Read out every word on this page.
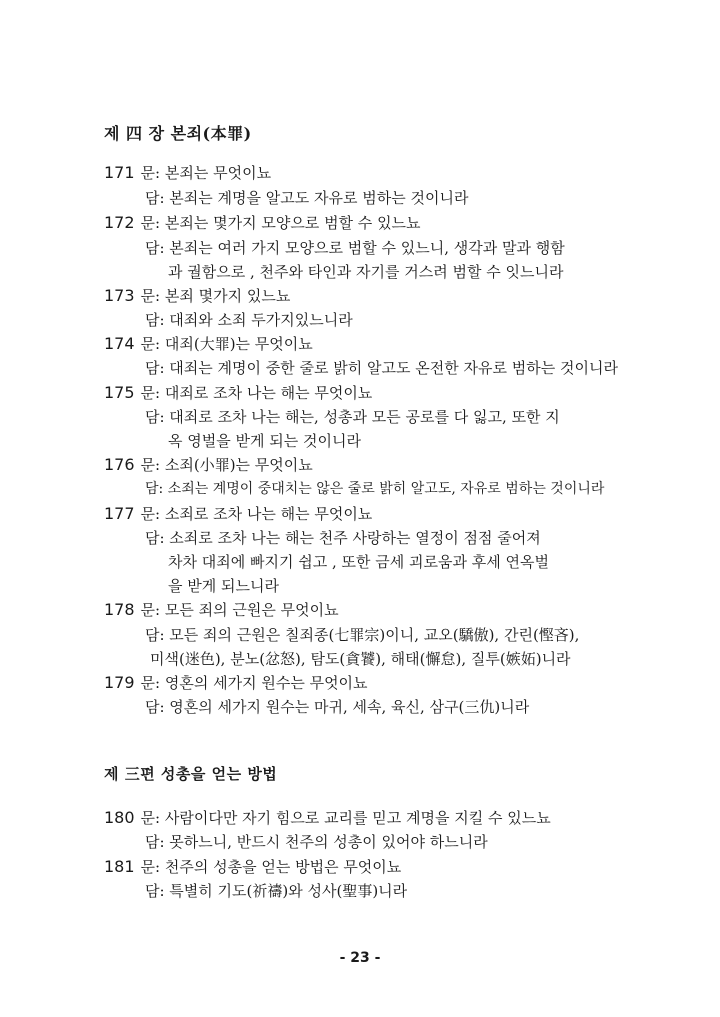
제 四 장 본죄(本罪)
171 문: 본죄는 무엇이뇨
담: 본죄는 계명을 알고도 자유로 범하는 것이니라
172 문: 본죄는 몇가지 모양으로 범할 수 있느뇨
담: 본죄는 여러 가지 모양으로 범할 수 있느니, 생각과 말과 행함
과 궐함으로 , 천주와 타인과 자기를 거스려 범할 수 잇느니라
173 문: 본죄 몇가지 있느뇨
담: 대죄와 소죄 두가지있느니라
174 문: 대죄(大罪)는 무엇이뇨
담: 대죄는 계명이 중한 줄로 밝히 알고도 온전한 자유로 범하는 것이니라
175 문: 대죄로 조차 나는 해는 무엇이뇨
담: 대죄로 조차 나는 해는, 성총과 모든 공로를 다 잃고, 또한 지
옥 영벌을 받게 되는 것이니라
176 문: 소죄(小罪)는 무엇이뇨
담: 소죄는 계명이 중대치는 않은 줄로 밝히 알고도, 자유로 범하는 것이니라
177 문: 소죄로 조차 나는 해는 무엇이뇨
담: 소죄로 조차 나는 해는 천주 사랑하는 열정이 점점 줄어져
차차 대죄에 빠지기 쉽고 , 또한 금세 괴로움과 후세 연옥벌
을 받게 되느니라
178 문: 모든 죄의 근원은 무엇이뇨
담: 모든 죄의 근원은 칠죄종(七罪宗)이니, 교오(驕傲), 간린(慳吝),
미색(迷色), 분노(忿怒), 탐도(貪饕), 해태(懈怠), 질투(嫉妬)니라
179 문: 영혼의 세가지 원수는 무엇이뇨
담: 영혼의 세가지 원수는 마귀, 세속, 육신, 삼구(三仇)니라
제 三편 성총을 얻는 방법
180 문: 사람이다만 자기 힘으로 교리를 믿고 계명을 지킬 수 있느뇨
담: 못하느니, 반드시 천주의 성총이 있어야 하느니라
181 문: 천주의 성총을 얻는 방법은 무엇이뇨
담: 특별히 기도(祈禱)와 성사(聖事)니라
- 23 -
